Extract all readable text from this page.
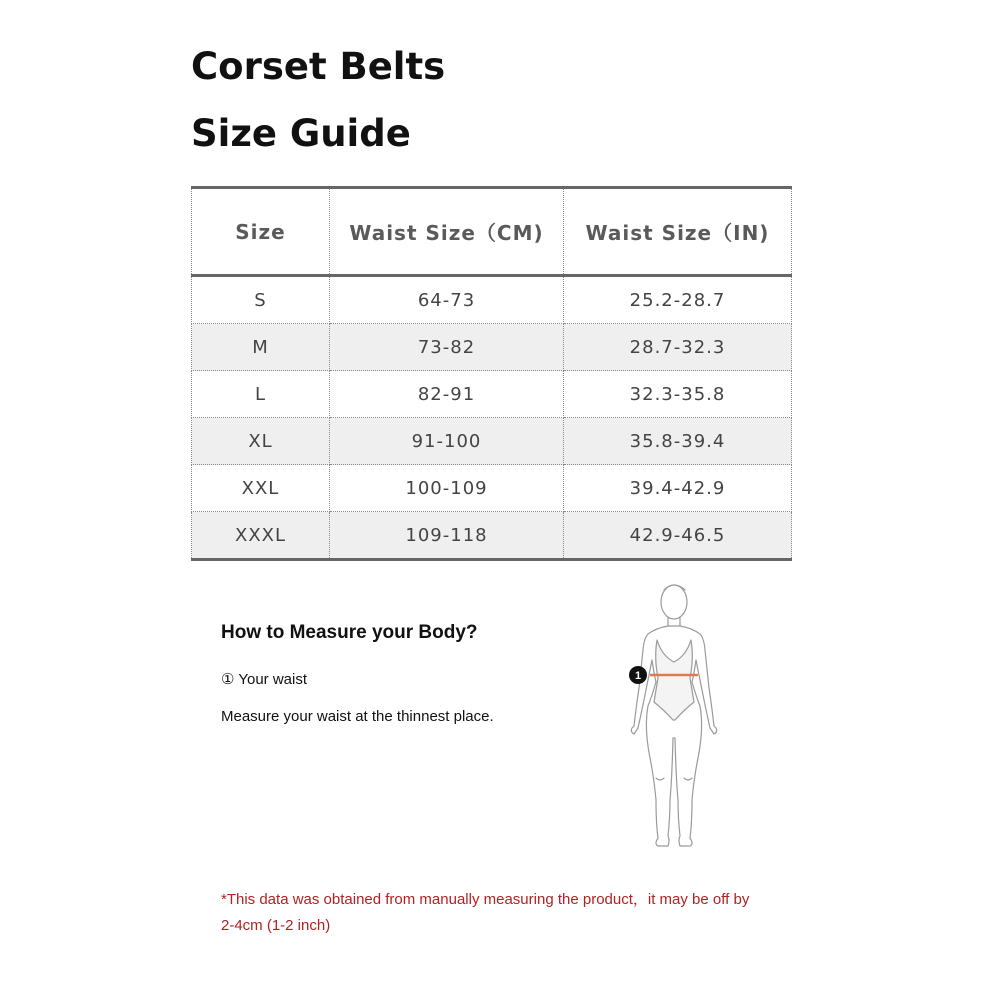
Corset Belts
Size Guide
Size	Waist Size（CM)	Waist Size（IN)
S	64-73	25.2-28.7
M	73-82	28.7-32.3
L	82-91	32.3-35.8
XL	91-100	35.8-39.4
XXL	100-109	39.4-42.9
XXXL	109-118	42.9-46.5
How to Measure your Body?
① Your waist
Measure your waist at the thinnest place.
1
*This data was obtained from manually measuring the product，it may be off by
2-4cm (1-2 inch)
